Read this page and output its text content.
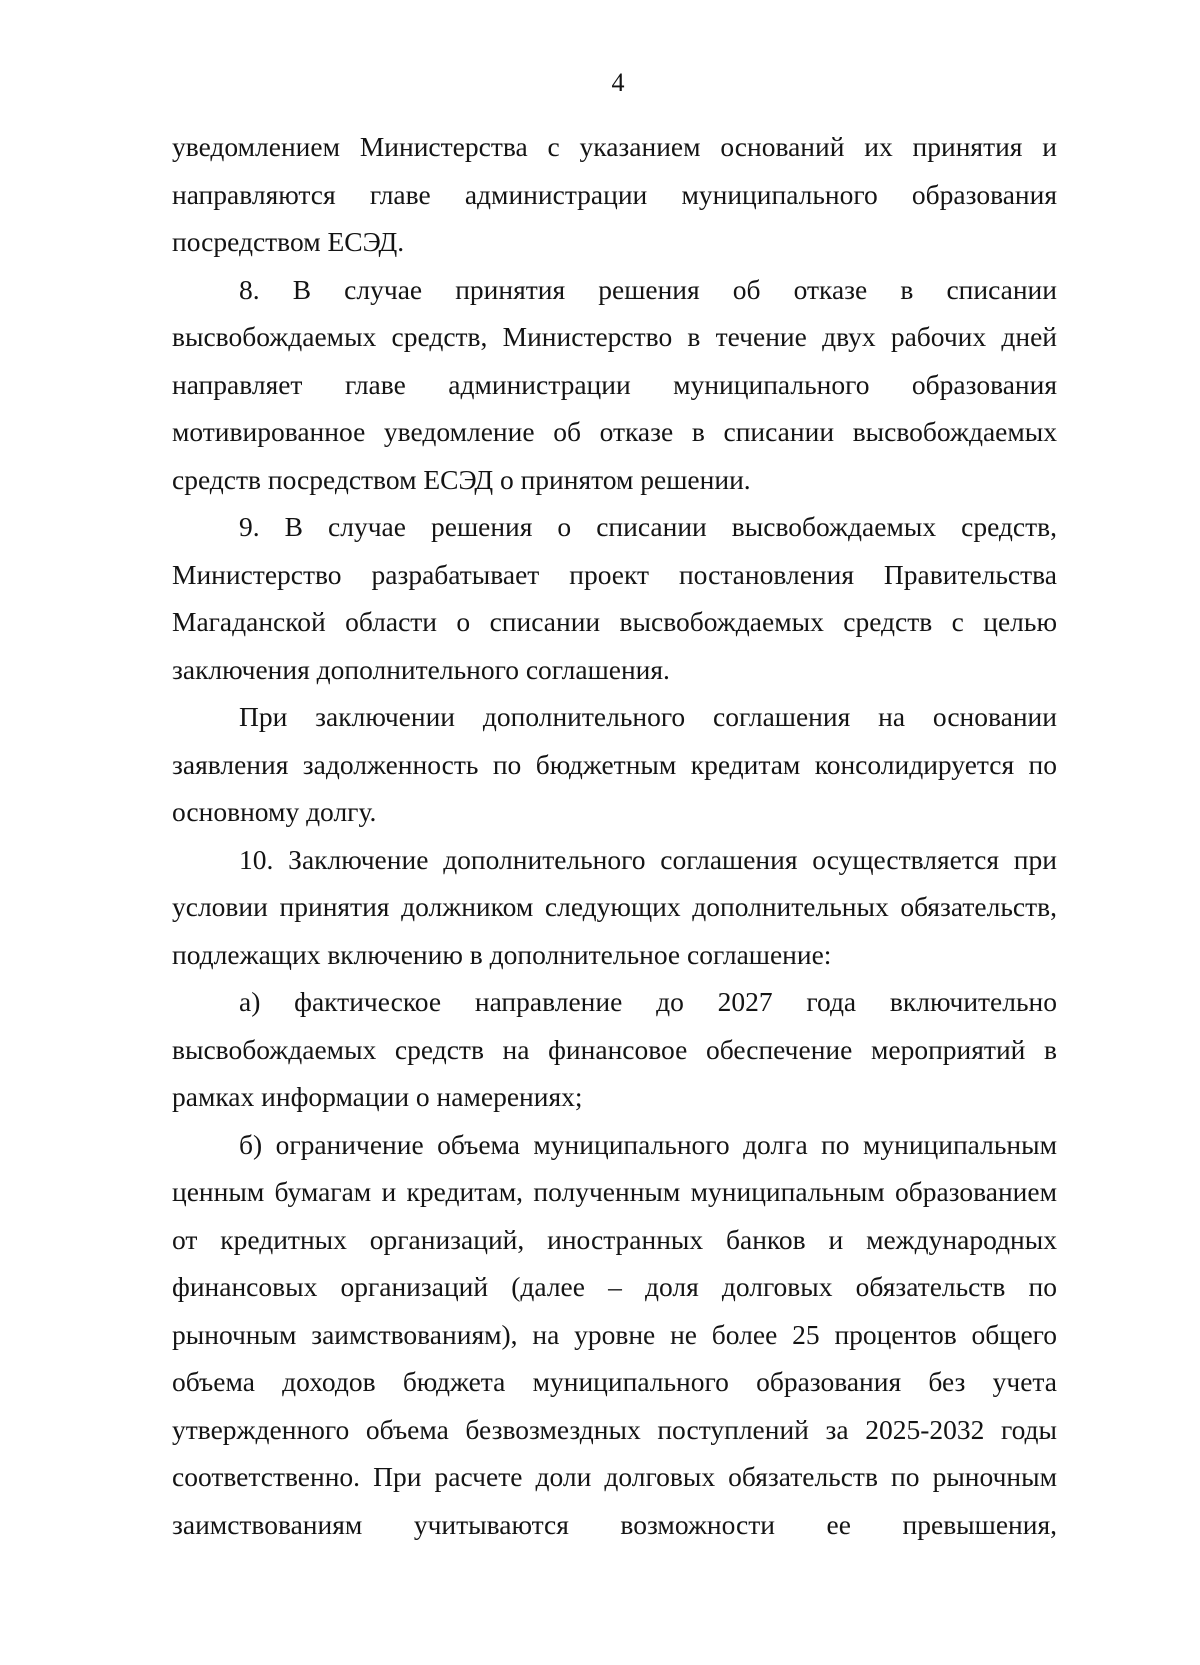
4

уведомлением Министерства с указанием оснований их принятия и направляются главе администрации муниципального образования посредством ЕСЭД.

8. В случае принятия решения об отказе в списании высвобождаемых средств, Министерство в течение двух рабочих дней направляет главе администрации муниципального образования мотивированное уведомление об отказе в списании высвобождаемых средств посредством ЕСЭД о принятом решении.

9. В случае решения о списании высвобождаемых средств, Министерство разрабатывает проект постановления Правительства Магаданской области о списании высвобождаемых средств с целью заключения дополнительного соглашения.

При заключении дополнительного соглашения на основании заявления задолженность по бюджетным кредитам консолидируется по основному долгу.

10. Заключение дополнительного соглашения осуществляется при условии принятия должником следующих дополнительных обязательств, подлежащих включению в дополнительное соглашение:

а) фактическое направление до 2027 года включительно высвобождаемых средств на финансовое обеспечение мероприятий в рамках информации о намерениях;

б) ограничение объема муниципального долга по муниципальным ценным бумагам и кредитам, полученным муниципальным образованием от кредитных организаций, иностранных банков и международных финансовых организаций (далее – доля долговых обязательств по рыночным заимствованиям), на уровне не более 25 процентов общего объема доходов бюджета муниципального образования без учета утвержденного объема безвозмездных поступлений за 2025-2032 годы соответственно. При расчете доли долговых обязательств по рыночным заимствованиям учитываются возможности ее превышения,
